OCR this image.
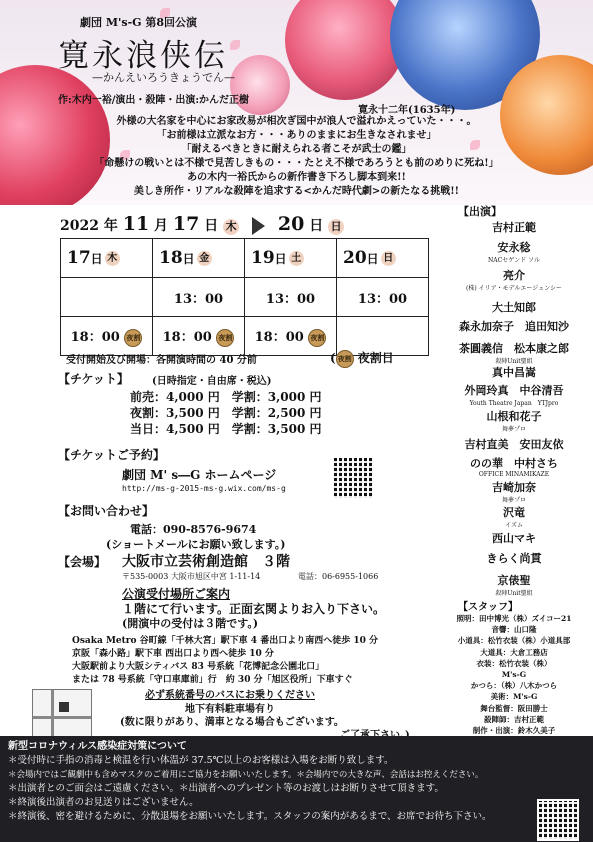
劇団 M's-G 第8回公演
寛永浪侠伝
—かんえいろうきょうでん—
作:木内一裕/演出・殺陣・出演:かんだ正樹
寛永十二年(1635年)
外様の大名家を中心にお家改易が相次ぎ国中が浪人で溢れかえっていた・・・。
「お前様は立派なお方・・・ありのままにお生きなされませ」
「耐えるべきときに耐えられる者こそが武士の鑑」
「命懸けの戦いとは不様で見苦しきもの・・・たとえ不様であろうとも前のめりに死ね!」
あの木内一裕氏からの新作書き下ろし脚本到来!!
美しき所作・リアルな殺陣を追求する<かんだ時代劇>の新たなる挑戦!!
2022 年 11 月 17 日 木 20 日 日
17日 木	18日 金	19日 土	20日 日
	13：00	13：00	13：00
18：00 夜割	18：00 夜割	18：00 夜割	
受付開始及び開場：各開演時間の 40 分前	( 夜割 夜割日
【チケット】 (日時指定・自由席・税込)
前売：4,000 円　学割：3,000 円
夜割：3,500 円　学割：2,500 円
当日：4,500 円　学割：3,500 円
【チケットご予約】
劇団 M' s―G ホームページ
http://ms-g-2015-ms-g.wix.com/ms-g
【お問い合わせ】
電話：090-8576-9674
(ショートメールにお願い致します。)
【会場】 大阪市立芸術創造館　３階
〒535-0003 大阪市旭区中宮 1-11-14	電話：06-6955-1066
公演受付場所ご案内
１階にて行います。正面玄関よりお入り下さい。
(開演中の受付は３階です。)
Osaka Metro 谷町線「千林大宮」駅下車 4 番出口より南西へ徒歩 10 分
京阪「森小路」駅下車 西出口より西へ徒歩 10 分
大阪駅前より大阪シティバス 83 号系統「花博記念公園北口」
または 78 号系統「守口車庫前」行　約 30 分「旭区役所」下車すぐ
必ず系統番号のバスにお乗りください
地下有料駐車場有り
(数に限りがあり、満車となる場合もございます。
【出演】
吉村正範
安永稔
NACセゲンド ソル
亮介
(株) イリア・モデルエージェンシー
大土知郎
森永加奈子　追田知沙
茶圓義信　松本康之郎
殺陣Unit聖組
真中昌嵩
外岡玲真　中谷清吾
Youth Theatre Japan　YTJpro
山根和花子
舞夢プロ
吉村直美　安田友依
のの華　中村さち
OFFICE MINAMIKAZE
吉崎加奈
舞夢プロ
沢竜
イズム
西山マキ
きらく尚貫
京俵聖
殺陣Unit聖組
【スタッフ】
照明：田中博光（株）ズイコー21
音響：山口隆
小道具：松竹衣装（株）小道具部
大道具：大倉工務店
衣装：松竹衣装（株）
M's-G
かつら：（株）八木かつら
美術：M's-G
舞台監督：阪田勝士
殺陣師：吉村正範
制作・出演：鈴木久美子
新型コロナウィルス感染症対策について
＊受付時に手指の消毒と検温を行い体温が 37.5℃以上のお客様は入場をお断り致します。
＊会場内ではご観劇中も含めマスクのご着用にご協力をお願いいたします。＊会場内での大きな声、会話はお控えください。
＊出演者とのご面会はご遠慮ください。＊出演者へのプレゼント等のお渡しはお断りさせて頂きます。
＊終演後出演者のお見送りはございません。
＊終演後、密を避けるために、分散退場をお願いいたします。スタッフの案内があるまで、お席でお待ち下さい。
